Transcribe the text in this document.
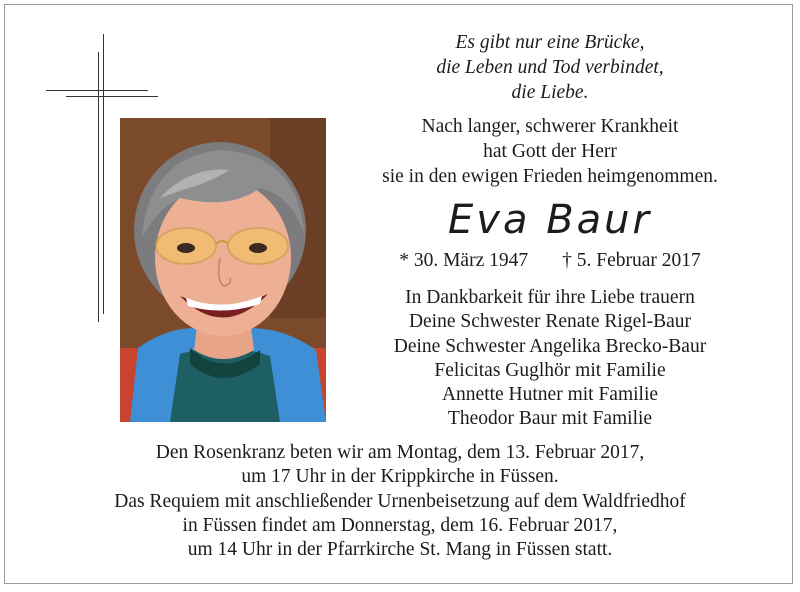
Es gibt nur eine Brücke,
die Leben und Tod verbindet,
die Liebe.
Nach langer, schwerer Krankheit
hat Gott der Herr
sie in den ewigen Frieden heimgenommen.
Eva Baur
* 30. März 1947 † 5. Februar 2017
In Dankbarkeit für ihre Liebe trauern
Deine Schwester Renate Rigel-Baur
Deine Schwester Angelika Brecko-Baur
Felicitas Guglhör mit Familie
Annette Hutner mit Familie
Theodor Baur mit Familie
Den Rosenkranz beten wir am Montag, dem 13. Februar 2017,
um 17 Uhr in der Krippkirche in Füssen.
Das Requiem mit anschließender Urnenbeisetzung auf dem Waldfriedhof
in Füssen findet am Donnerstag, dem 16. Februar 2017,
um 14 Uhr in der Pfarrkirche St. Mang in Füssen statt.
